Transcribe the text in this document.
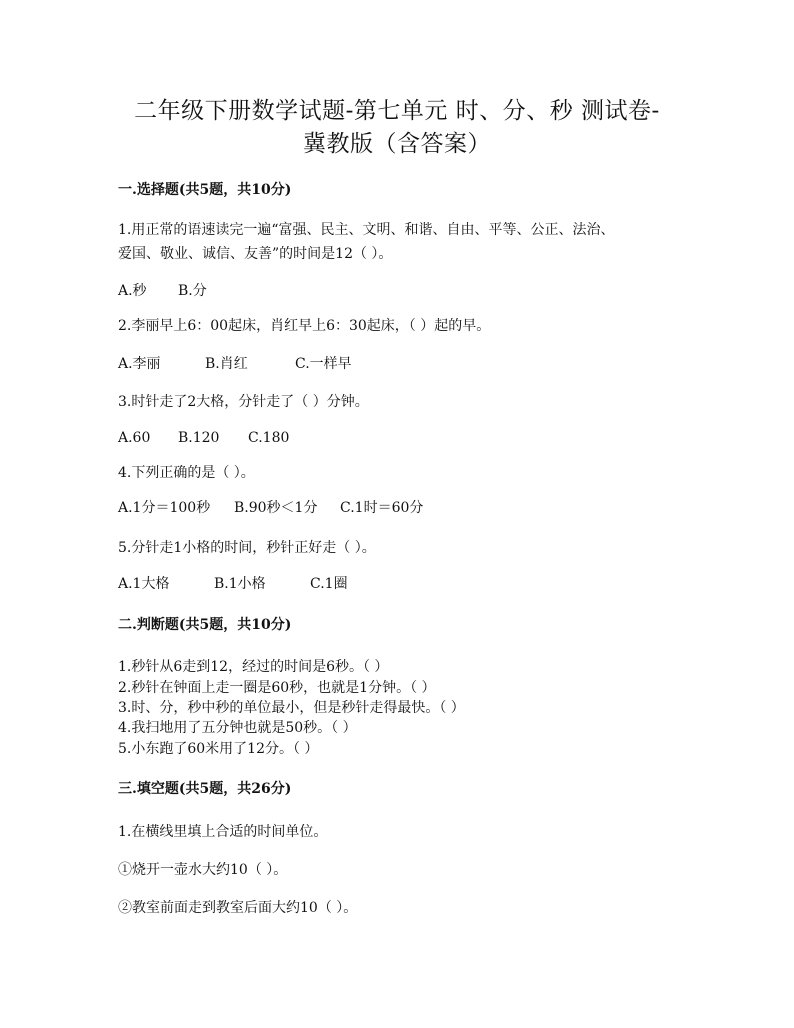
二年级下册数学试题-第七单元 时、分、秒 测试卷-
冀教版（含答案）
一.选择题(共5题，共10分)
1.用正常的语速读完一遍“富强、民主、文明、和谐、自由、平等、公正、法治、
爱国、敬业、诚信、友善”的时间是12（ ）。
A.秒 B.分
2.李丽早上6：00起床，肖红早上6：30起床，（ ）起的早。
A.李丽	B.肖红	C.一样早
3.时针走了2大格，分针走了（ ）分钟。
A.60 B.120 C.180
4.下列正确的是（ ）。
A.1分＝100秒 B.90秒＜1分 C.1时＝60分
5.分针走1小格的时间，秒针正好走（ ）。
A.1大格	B.1小格	C.1圈
二.判断题(共5题，共10分)
1.秒针从6走到12，经过的时间是6秒。（ ）
2.秒针在钟面上走一圈是60秒，也就是1分钟。（ ）
3.时、分，秒中秒的单位最小，但是秒针走得最快。（ ）
4.我扫地用了五分钟也就是50秒。（ ）
5.小东跑了60米用了12分。（ ）
三.填空题(共5题，共26分)
1.在横线里填上合适的时间单位。
①烧开一壶水大约10（ ）。
②教室前面走到教室后面大约10（ ）。
